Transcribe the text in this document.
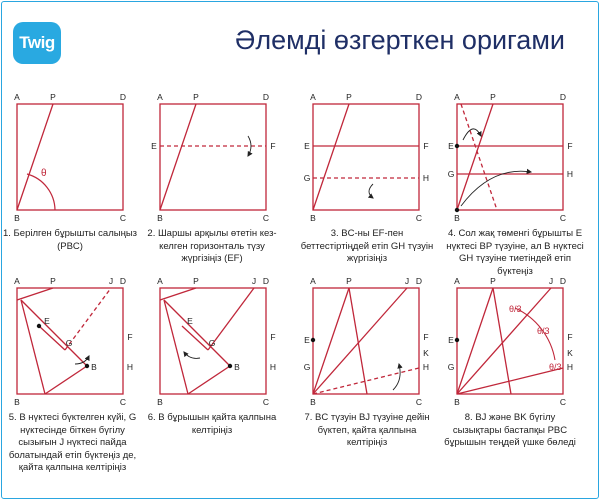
Twig	Әлемді өзгерткен оригами
A	D
B	C
P
θ
A	D
B	C
P
E	F
A	D
B	C
P
E	F
G	H
A	D
B	C
P
E	F
G	H
A	D
B	C
P	J
F
H
E
G
B
A	D
B	C
P	J
F
H
E
G
B
A	D
B	C
P	J
F
H
E
G
K
A	D
B	C
P	J
F
H
E
G
K
θ/3
θ/3
θ/3
1. Берілген бұрышты салыңыз (PBC)
2. Шаршы арқылы өтетін кез-келген горизонталь түзу жүргізіңіз (EF)
3. BC-ны EF-пен беттестіртіңдей етіп GH түзуін жүргізіңіз
4. Сол жақ төменгі бұрышты E нүктесі BP түзуіне, ал B нүктесі GH түзуіне тиетіндей етіп бүктеңіз
5. B нүктесі бүктелген күйі, G нүктесінде біткен бүгілу сызығын J нүктесі пайда болатындай етіп бүктеңіз де, қайта қалпына келтіріңіз
6. B бұрышын қайта қалпына келтіріңіз
7. BC түзуін BJ түзуіне дейін бүктеп, қайта қалпына келтіріңіз
8. BJ және BK бүгілу сызықтары бастапқы PBC бұрышын теңдей үшке бөледі
